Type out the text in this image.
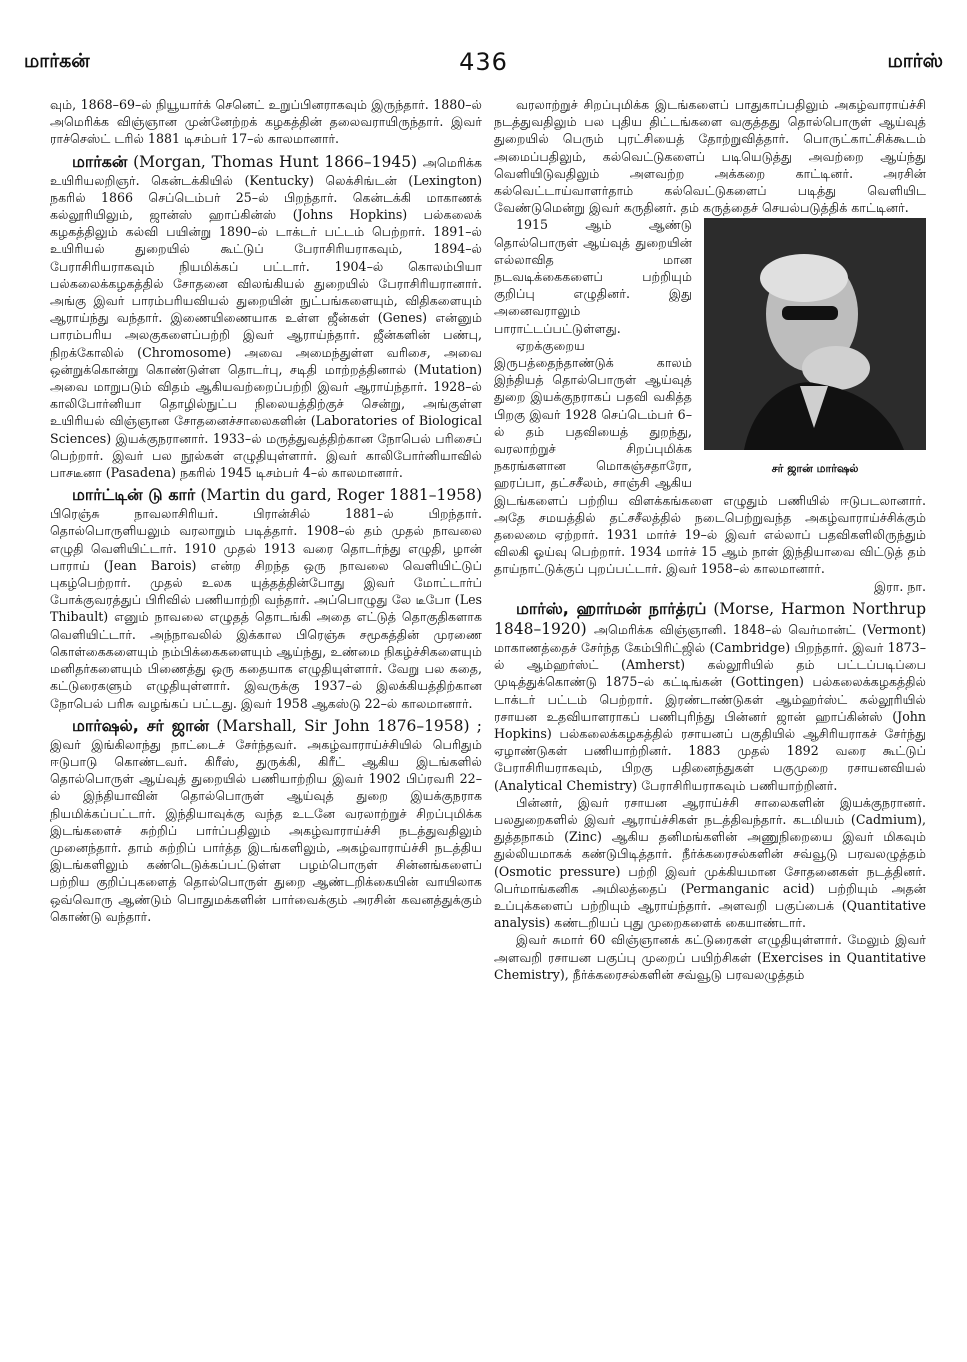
மார்கன்	436	மார்ஸ்

வும், 1868–69–ல் நியூயார்க் செனெட் உறுப்பினராகவும் இருந்தார். 1880–ல் அமெரிக்க விஞ்ஞான முன்னேற்றக் கழகத்தின் தலைவராயிருந்தார். இவர் ராச்செஸ்ட் டரில் 1881 டிசம்பர் 17–ல் காலமானார்.

மார்கன் (Morgan, Thomas Hunt 1866–1945) அமெரிக்க உயிரியலறிஞர். கென்டக்கியில் (Kentucky) லெக்சிங்டன் (Lexington) நகரில் 1866 செப்டெம்பர் 25–ல் பிறந்தார். கென்டக்கி மாகாணக் கல்லூரியிலும், ஜான்ஸ் ஹாப்கின்ஸ் (Johns Hopkins) பல்கலைக் கழகத்திலும் கல்வி பயின்று 1890–ல் டாக்டர் பட்டம் பெற்றார். 1891–ல் உயிரியல் துறையில் கூட்டுப் பேராசிரியராகவும், 1894–ல் பேராசிரியராகவும் நியமிக்கப் பட்டார். 1904–ல் கொலம்பியா பல்கலைக்கழகத்தில் சோதனை விலங்கியல் துறையில் பேராசிரியரானார். அங்கு இவர் பாரம்பரியவியல் துறையின் நுட்பங்களையும், விதிகளையும் ஆராய்ந்து வந்தார். இணையிணையாக உள்ள ஜீன்கள் (Genes) என்னும் பாரம்பரிய அலகுகளைப்பற்றி இவர் ஆராய்ந்தார். ஜீன்களின் பண்பு, நிறக்கோலில் (Chromosome) அவை அமைந்துள்ள வரிசை, அவை ஒன்றுக்கொன்று கொண்டுள்ள தொடர்பு, சடிதி மாற்றத்தினால் (Mutation) அவை மாறுபடும் விதம் ஆகியவற்றைப்பற்றி இவர் ஆராய்ந்தார். 1928–ல் காலிபோர்னியா தொழில்நுட்ப நிலையத்திற்குச் சென்று, அங்குள்ள உயிரியல் விஞ்ஞான சோதனைச்சாலைகளின் (Laboratories of Biological Sciences) இயக்குநரானார். 1933–ல் மருத்துவத்திற்கான நோபெல் பரிசைப் பெற்றார். இவர் பல நூல்கள் எழுதியுள்ளார். இவர் காலிபோர்னியாவில் பாசடீனா (Pasadena) நகரில் 1945 டிசம்பர் 4–ல் காலமானார்.

மார்ட்டின் டு கார் (Martin du gard, Roger 1881–1958) பிரெஞ்சு நாவலாசிரியர். பிரான்சில் 1881–ல் பிறந்தார். தொல்பொருளியலும் வரலாறும் படித்தார். 1908–ல் தம் முதல் நாவலை எழுதி வெளியிட்டார். 1910 முதல் 1913 வரை தொடர்ந்து எழுதி, ழான் பாராய் (Jean Barois) என்ற சிறந்த ஒரு நாவலை வெளியிட்டுப் புகழ்பெற்றார். முதல் உலக யுத்தத்தின்போது இவர் மோட்டார்ப் போக்குவரத்துப் பிரிவில் பணியாற்றி வந்தார். அப்பொழுது லே டீபோ (Les Thibault) எனும் நாவலை எழுதத் தொடங்கி அதை எட்டுத் தொகுதிகளாக வெளியிட்டார். அந்நாவலில் இக்கால பிரெஞ்சு சமூகத்தின் முரணை கொள்கைகளையும் நம்பிக்கைகளையும் ஆய்ந்து, உண்மை நிகழ்ச்சிகளையும் மனிதர்களையும் பிணைத்து ஒரு கதையாக எழுதியுள்ளார். வேறு பல கதை, கட்டுரைகளும் எழுதியுள்ளார். இவருக்கு 1937–ல் இலக்கியத்திற்கான நோபெல் பரிசு வழங்கப் பட்டது. இவர் 1958 ஆகஸ்டு 22–ல் காலமானார்.

மார்ஷல், சர் ஜான் (Marshall, Sir John 1876–1958) ; இவர் இங்கிலாந்து நாட்டைச் சேர்ந்தவர். அகழ்வாராய்ச்சியில் பெரிதும் ஈடுபாடு கொண்டவர். கிரீஸ், துருக்கி, கிரீட் ஆகிய இடங்களில் தொல்பொருள் ஆய்வுத் துறையில் பணியாற்றிய இவர் 1902 பிப்ரவரி 22–ல் இந்தியாவின் தொல்பொருள் ஆய்வுத் துறை இயக்குநராக நியமிக்கப்பட்டார். இந்தியாவுக்கு வந்த உடனே வரலாற்றுச் சிறப்புமிக்க இடங்களைச் சுற்றிப் பார்ப்பதிலும் அகழ்வாராய்ச்சி நடத்துவதிலும் முனைந்தார். தாம் சுற்றிப் பார்த்த இடங்களிலும், அகழ்வாராய்ச்சி நடத்திய இடங்களிலும் கண்டெடுக்கப்பட்டுள்ள பழம்பொருள் சின்னங்களைப் பற்றிய குறிப்புகளைத் தொல்பொருள் துறை ஆண்டறிக்கையின் வாயிலாக ஒவ்வொரு ஆண்டும் பொதுமக்களின் பார்வைக்கும் அரசின் கவனத்துக்கும் கொண்டு வந்தார்.

வரலாற்றுச் சிறப்புமிக்க இடங்களைப் பாதுகாப்பதிலும் அகழ்வாராய்ச்சி நடத்துவதிலும் பல புதிய திட்டங்களை வகுத்தது தொல்பொருள் ஆய்வுத் துறையில் பெரும் புரட்சியைத் தோற்றுவித்தார். பொருட்காட்சிக்கூடம் அமைப்பதிலும், கல்வெட்டுகளைப் படியெடுத்து அவற்றை ஆய்ந்து வெளியிடுவதிலும் அளவற்ற அக்கறை காட்டினர். அரசின் கல்வெட்டாய்வாளர்தாம் கல்வெட்டுகளைப் படித்து வெளியிட வேண்டுமென்று இவர் கருதினர். தம் கருத்தைச் செயல்படுத்திக் காட்டினர்.

சர் ஜான் மார்ஷல்

1915 ஆம் ஆண்டு தொல்பொருள் ஆய்வுத் துறையின் எல்லாவித மான நடவடிக்கைகளைப் பற்றியும் குறிப்பு எழுதினர். இது அனைவராலும் பாராட்டப்பட்டுள்ளது.

ஏறக்குறைய இருபத்தைந்தாண்டுக் காலம் இந்தியத் தொல்பொருள் ஆய்வுத் துறை இயக்குநராகப் பதவி வகித்த பிறகு இவர் 1928 செப்டெம்பர் 6–ல் தம் பதவியைத் துறந்து, வரலாற்றுச் சிறப்புமிக்க நகரங்களான மொகஞ்சதாரோ, ஹரப்பா, தட்சசீலம், சாஞ்சி ஆகிய இடங்களைப் பற்றிய விளக்கங்களை எழுதும் பணியில் ஈடுபடலானார். அதே சமயத்தில் தட்சசீலத்தில் நடைபெற்றுவந்த அகழ்வாராய்ச்சிக்கும் தலைமை ஏற்றார். 1931 மார்ச் 19–ல் இவர் எல்லாப் பதவிகளிலிருந்தும் விலகி ஓய்வு பெற்றார். 1934 மார்ச் 15 ஆம் நாள் இந்தியாவை விட்டுத் தம் தாய்நாட்டுக்குப் புறப்பட்டார். இவர் 1958–ல் காலமானார்.

இரா. நா.

மார்ஸ், ஹார்மன் நார்த்ரப் (Morse, Harmon Northrup 1848–1920) அமெரிக்க விஞ்ஞானி. 1848–ல் வெர்மான்ட் (Vermont) மாகாணத்தைச் சேர்ந்த கேம்பிரிட்ஜில் (Cambridge) பிறந்தார். இவர் 1873–ல் ஆம்ஹர்ஸ்ட் (Amherst) கல்லூரியில் தம் பட்டப்படிப்பை முடித்துக்கொண்டு 1875–ல் கட்டிங்கன் (Gottingen) பல்கலைக்கழகத்தில் டாக்டர் பட்டம் பெற்றார். இரண்டாண்டுகள் ஆம்ஹர்ஸ்ட் கல்லூரியில் ரசாயன உதவியாளராகப் பணிபுரிந்து பின்னர் ஜான் ஹாப்கின்ஸ் (John Hopkins) பல்கலைக்கழகத்தில் ரசாயனப் பகுதியில் ஆசிரியராகச் சேர்ந்து ஏழாண்டுகள் பணியாற்றினர். 1883 முதல் 1892 வரை கூட்டுப் பேராசிரியராகவும், பிறகு பதினைந்துகள் பகுமுறை ரசாயனவியல் (Analytical Chemistry) பேராசிரியராகவும் பணியாற்றினர்.

பின்னர், இவர் ரசாயன ஆராய்ச்சி சாலைகளின் இயக்குநரானர். பலதுறைகளில் இவர் ஆராய்ச்சிகள் நடத்திவந்தார். கடமியம் (Cadmium), துத்தநாகம் (Zinc) ஆகிய தனிமங்களின் அணுநிறையை இவர் மிகவும் துல்லியமாகக் கண்டுபிடித்தார். நீர்க்கரைசல்களின் சவ்வூடு பரவலழுத்தம் (Osmotic pressure) பற்றி இவர் முக்கியமான சோதனைகள் நடத்தினர். பெர்மாங்கனிக அமிலத்தைப் (Permanganic acid) பற்றியும் அதன் உப்புக்களைப் பற்றியும் ஆராய்ந்தார். அளவறி பகுப்பைக் (Quantitative analysis) கண்டறியப் புது முறைகளைக் கையாண்டார்.

இவர் சுமார் 60 விஞ்ஞானக் கட்டுரைகள் எழுதியுள்ளார். மேலும் இவர் அளவறி ரசாயன பகுப்பு முறைப் பயிற்சிகள் (Exercises in Quantitative Chemistry), நீர்க்கரைசல்களின் சவ்வூடு பரவலழுத்தம்
